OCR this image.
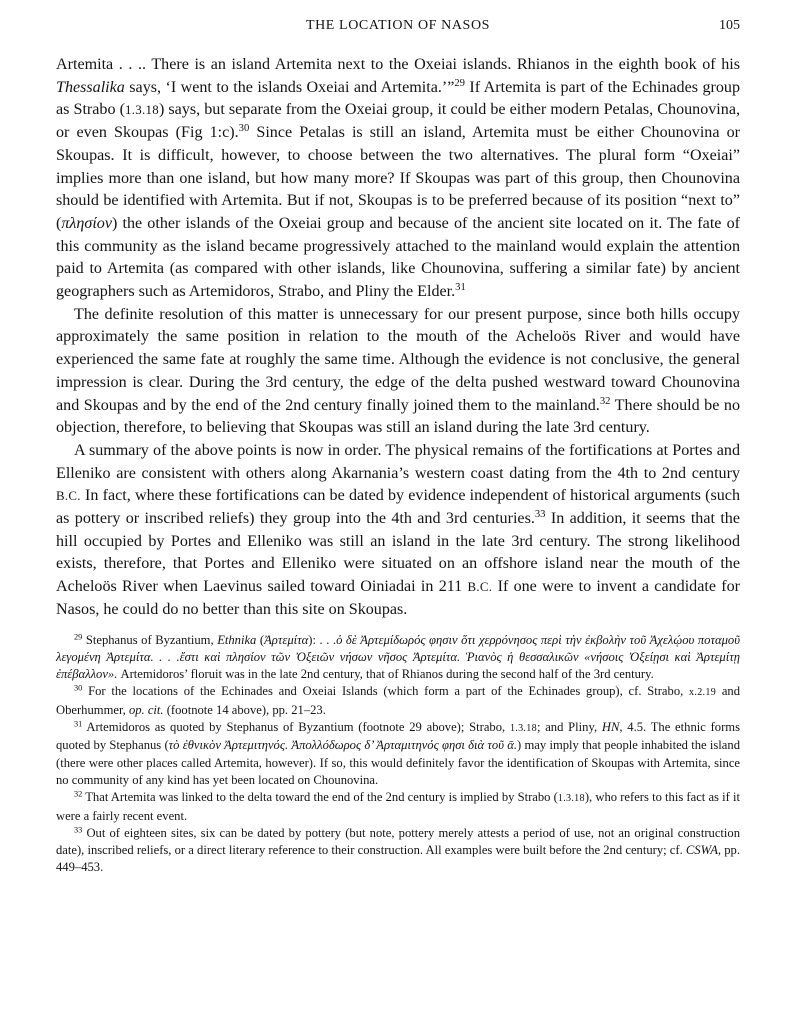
THE LOCATION OF NASOS	105

Artemita . . .. There is an island Artemita next to the Oxeiai islands. Rhianos in the eighth book of his Thessalika says, ‘I went to the islands Oxeiai and Artemita.’”$^{29}$ If Artemita is part of the Echinades group as Strabo (1.3.18) says, but separate from the Oxeiai group, it could be either modern Petalas, Chounovina, or even Skoupas (Fig 1:c).$^{30}$ Since Petalas is still an island, Artemita must be either Chounovina or Skoupas. It is difficult, however, to choose between the two alternatives. The plural form “Oxeiai” implies more than one island, but how many more? If Skoupas was part of this group, then Chounovina should be identified with Artemita. But if not, Skoupas is to be preferred because of its position “next to” (πλησίον) the other islands of the Oxeiai group and because of the ancient site located on it. The fate of this community as the island became progressively attached to the mainland would explain the attention paid to Artemita (as compared with other islands, like Chounovina, suffering a similar fate) by ancient geographers such as Artemidoros, Strabo, and Pliny the Elder.$^{31}$

The definite resolution of this matter is unnecessary for our present purpose, since both hills occupy approximately the same position in relation to the mouth of the Acheloös River and would have experienced the same fate at roughly the same time. Although the evidence is not conclusive, the general impression is clear. During the 3rd century, the edge of the delta pushed westward toward Chounovina and Skoupas and by the end of the 2nd century finally joined them to the mainland.$^{32}$ There should be no objection, therefore, to believing that Skoupas was still an island during the late 3rd century.

A summary of the above points is now in order. The physical remains of the fortifications at Portes and Elleniko are consistent with others along Akarnania’s western coast dating from the 4th to 2nd century B.C. In fact, where these fortifications can be dated by evidence independent of historical arguments (such as pottery or inscribed reliefs) they group into the 4th and 3rd centuries.$^{33}$ In addition, it seems that the hill occupied by Portes and Elleniko was still an island in the late 3rd century. The strong likelihood exists, therefore, that Portes and Elleniko were situated on an offshore island near the mouth of the Acheloös River when Laevinus sailed toward Oiniadai in 211 B.C. If one were to invent a candidate for Nasos, he could do no better than this site on Skoupas.

$^{29}$ Stephanus of Byzantium, Ethnika (Ἀρτεμίτα): . . .ὁ δὲ Ἀρτεμίδωρός φησιν ὅτι χερρόνησος περὶ τὴν ἐκβολὴν τοῦ Ἀχελῴου ποταμοῦ λεγομένη Ἀρτεμίτα. . . .ἔστι καὶ πλησίον τῶν Ὀξειῶν νήσων νῆσος Ἀρτεμίτα. Ῥιανὸς ἡ θεσσαλικῶν «νήσοις Ὀξείῃσι καὶ Ἀρτεμίτῃ ἐπέβαλλον». Artemidoros’ floruit was in the late 2nd century, that of Rhianos during the second half of the 3rd century.

$^{30}$ For the locations of the Echinades and Oxeiai Islands (which form a part of the Echinades group), cf. Strabo, x.2.19 and Oberhummer, op. cit. (footnote 14 above), pp. 21–23.

$^{31}$ Artemidoros as quoted by Stephanus of Byzantium (footnote 29 above); Strabo, 1.3.18; and Pliny, HN, 4.5. The ethnic forms quoted by Stephanus (τὸ ἐθνικὸν Ἀρτεμιτηνός. Ἀπολλόδωρος δ’ Ἀρταμιτηνός φησι διὰ τοῦ ᾱ.) may imply that people inhabited the island (there were other places called Artemita, however). If so, this would definitely favor the identification of Skoupas with Artemita, since no community of any kind has yet been located on Chounovina.

$^{32}$ That Artemita was linked to the delta toward the end of the 2nd century is implied by Strabo (1.3.18), who refers to this fact as if it were a fairly recent event.

$^{33}$ Out of eighteen sites, six can be dated by pottery (but note, pottery merely attests a period of use, not an original construction date), inscribed reliefs, or a direct literary reference to their construction. All examples were built before the 2nd century; cf. CSWA, pp. 449–453.
